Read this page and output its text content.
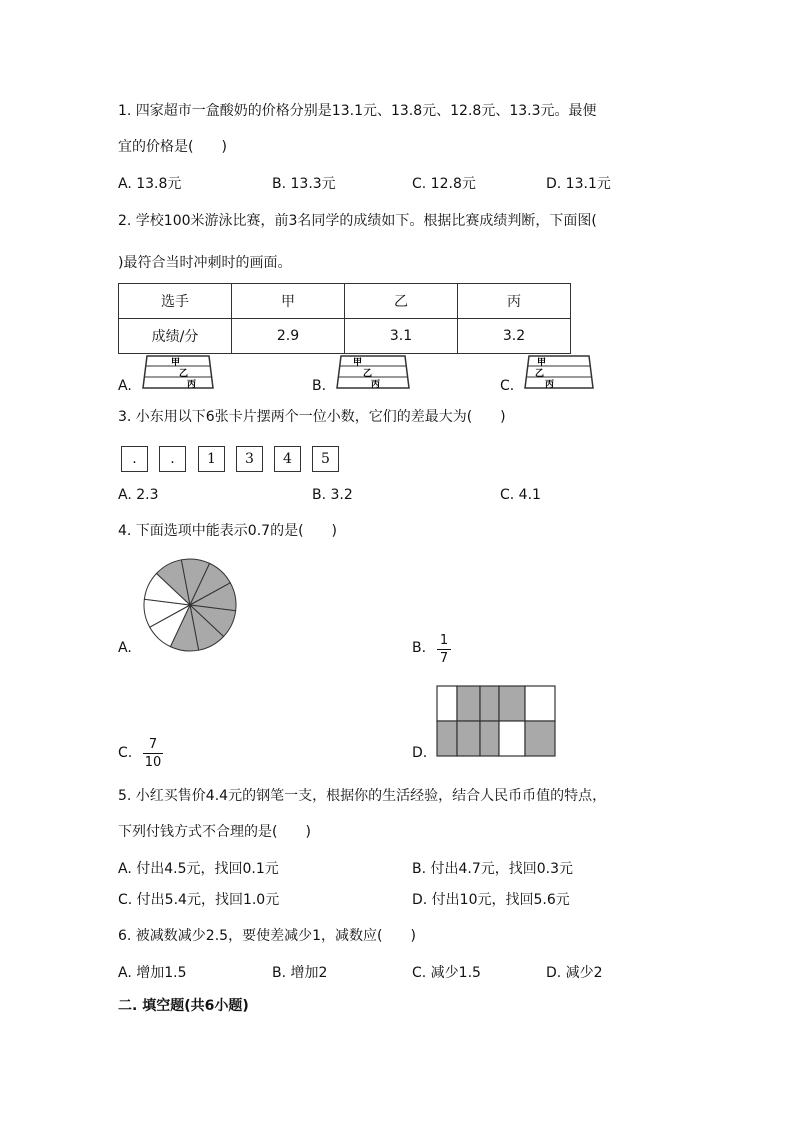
1. 四家超市一盒酸奶的价格分别是13.1元、13.8元、12.8元、13.3元。最便
宜的价格是(　　)
A. 13.8元	B. 13.3元	C. 12.8元	D. 13.1元
2. 学校100米游泳比赛，前3名同学的成绩如下。根据比赛成绩判断，下面图(
)最符合当时冲刺时的画面。
选手	甲	乙	丙
成绩/分	2.9	3.1	3.2
A.
甲
乙
丙	B.
甲
乙
丙	C.
甲
乙
丙
3. 小东用以下6张卡片摆两个一位小数，它们的差最大为(　　)
.	.	1	3	4	5
A. 2.3	B. 3.2	C. 4.1
4. 下面选项中能表示0.7的是(　　)
A.	B. 1
7
C.
7
10
D.
5. 小红买售价4.4元的钢笔一支，根据你的生活经验，结合人民币币值的特点，
下列付钱方式不合理的是(　　)
A. 付出4.5元，找回0.1元	B. 付出4.7元，找回0.3元
C. 付出5.4元，找回1.0元	D. 付出10元，找回5.6元
6. 被减数减少2.5，要使差减少1，减数应(　　)
A. 增加1.5	B. 增加2	C. 减少1.5	D. 减少2
二. 填空题(共6小题)
